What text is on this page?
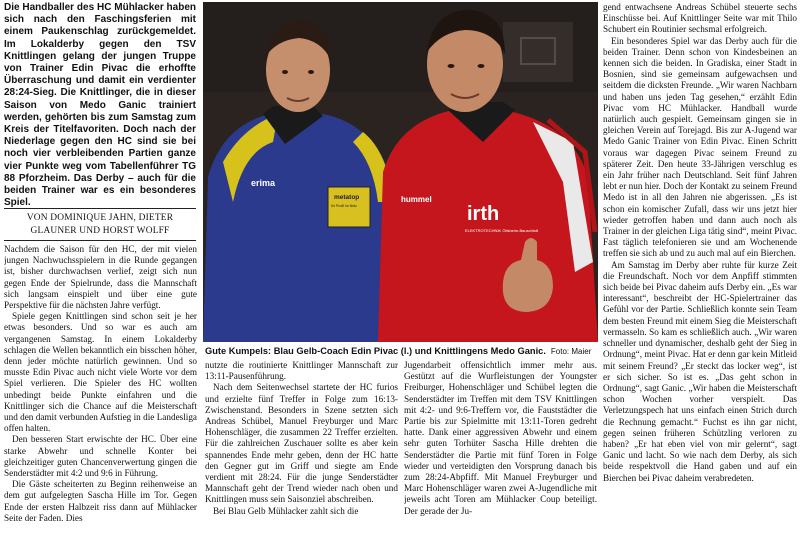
Die Handballer des HC Mühlacker haben sich nach den Faschingsferien mit einem Paukenschlag zurückgemeldet. Im Lokalderby gegen den TSV Knittlingen gelang der jungen Truppe von Trainer Edin Pivac die erhoffte Überraschung und damit ein verdienter 28:24-Sieg. Die Knittlinger, die in dieser Saison von Medo Ganic trainiert werden, gehörten bis zum Samstag zum Kreis der Titelfavoriten. Doch nach der Niederlage gegen den HC sind sie bei noch vier verbleibenden Partien ganze vier Punkte weg vom Tabellenführer TG 88 Pforzheim. Das Derby – auch für die beiden Trainer war es ein besonderes Spiel.
VON DOMINIQUE JAHN, DIETER GLAUNER UND HORST WOLFF

Nachdem die Saison für den HC, der mit vielen jungen Nachwuchsspielern in die Runde gegangen ist, bisher durchwachsen verlief, zeigt sich nun gegen Ende der Spielrunde, dass die Mannschaft sich langsam einspielt und über eine gute Perspektive für die nächsten Jahre verfügt.

Spiele gegen Knittlingen sind schon seit je her etwas besonders. Und so war es auch am vergangenen Samstag. In einem Lokalderby schlagen die Wellen bekanntlich ein bisschen höher, denn jeder möchte natürlich gewinnen. Und so musste Edin Pivac auch nicht viele Worte vor dem Spiel verlieren. Die Spieler des HC wollten unbedingt beide Punkte einfahren und die Knittlinger sich die Chance auf die Meisterschaft und den damit verbunden Aufstieg in die Landesliga offen halten.

Den besseren Start erwischte der HC. Über eine starke Abwehr und schnelle Konter bei gleichzeitiger guten Chancenverwertung gingen die Senderstädter mit 4:2 und 9:6 in Führung.

Die Gäste scheiterten zu Beginn reihenweise an dem gut aufgelegten Sascha Hille im Tor. Gegen Ende der ersten Halbzeit riss dann auf Mühlacker Seite der Faden. Dies

erima
metatop
Ihr Profil im Netz
hummel
irth
ELEKTROTECHNIK Ötisheim-Bauschlott
Gute Kumpels: Blau Gelb-Coach Edin Pivac (l.) und Knittlingens Medo Ganic. Foto: Maier

nutzte die routinierte Knittlinger Mannschaft zur 13:11-Pausenführung.

Nach dem Seitenwechsel startete der HC furios und erzielte fünf Treffer in Folge zum 16:13-Zwischenstand. Besonders in Szene setzten sich Andreas Schübel, Manuel Freyburger und Marc Hohenschläger, die zusammen 22 Treffer erzielten. Für die zahlreichen Zuschauer sollte es aber kein spannendes Ende mehr geben, denn der HC hatte den Gegner gut im Griff und siegte am Ende verdient mit 28:24. Für die junge Senderstädter Mannschaft geht der Trend wieder nach oben und Knittlingen muss sein Saisonziel abschreiben.

Bei Blau Gelb Mühlacker zahlt sich die

Jugendarbeit offensichtlich immer mehr aus. Gestützt auf die Wurfleistungen der Youngster Freiburger, Hohenschläger und Schübel legten die Senderstädter im Treffen mit dem TSV Knittlingen mit 4:2- und 9:6-Treffern vor, die Fauststädter die Partie bis zur Spielmitte mit 13:11-Toren gedreht hatte. Dank einer aggressiven Abwehr und einem sehr guten Torhüter Sascha Hille drehten die Senderstädter die Partie mit fünf Toren in Folge wieder und verteidigten den Vorsprung danach bis zum 28:24-Abpfiff. Mit Manuel Freyburger und Marc Hohenschläger waren zwei A-Jugendliche mit jeweils acht Toren am Mühlacker Coup beteiligt. Der gerade der Ju-

gend entwachsene Andreas Schübel steuerte sechs Einschüsse bei. Auf Knittlinger Seite war mit Thilo Schubert ein Routinier sechsmal erfolgreich.

Ein besonderes Spiel war das Derby auch für die beiden Trainer. Denn schon von Kindesbeinen an kennen sich die beiden. In Gradiska, einer Stadt in Bosnien, sind sie gemeinsam aufgewachsen und seitdem die dicksten Freunde. „Wir waren Nachbarn und haben uns jeden Tag gesehen,“ erzählt Edin Pivac vom HC Mühlacker. Handball wurde natürlich auch gespielt. Gemeinsam gingen sie in gleichen Verein auf Torejagd. Bis zur A-Jugend war Medo Ganic Trainer von Edin Pivac. Einen Schritt voraus war dagegen Pivac seinem Freund zu späterer Zeit. Den heute 33-Jährigen verschlug es ein Jahr früher nach Deutschland. Seit fünf Jahren lebt er nun hier. Doch der Kontakt zu seinem Freund Medo ist in all den Jahren nie abgerissen. „Es ist schon ein komischer Zufall, dass wir uns jetzt hier wieder getroffen haben und dann auch noch als Trainer in der gleichen Liga tätig sind“, meint Pivac. Fast täglich telefonieren sie und am Wochenende treffen sie sich ab und zu auch mal auf ein Bierchen.

Am Samstag im Derby aber ruhte für kurze Zeit die Freundschaft. Noch vor dem Anpfiff stimmten sich beide bei Pivac daheim aufs Derby ein. „Es war interessant“, beschreibt der HC-Spielertrainer das Gefühl vor der Partie. Schließlich konnte sein Team dem besten Freund mit einem Sieg die Meisterschaft vermasseln. So kam es schließlich auch. „Wir waren schneller und dynamischer, deshalb geht der Sieg in Ordnung“, meint Pivac. Hat er denn gar kein Mitleid mit seinem Freund? „Er steckt das locker weg“, ist er sich sicher. So ist es. „Das geht schon in Ordnung“, sagt Ganic. „Wir haben die Meisterschaft schon Wochen vorher verspielt. Das Verletzungspech hat uns einfach einen Strich durch die Rechnung gemacht.“ Fuchst es ihn gar nicht, gegen seinen früheren Schützling verloren zu haben? „Er hat eben viel von mir gelernt“, sagt Ganic und lacht. So wie nach dem Derby, als sich beide respektvoll die Hand gaben und auf ein Bierchen bei Pivac daheim verabredeten.
